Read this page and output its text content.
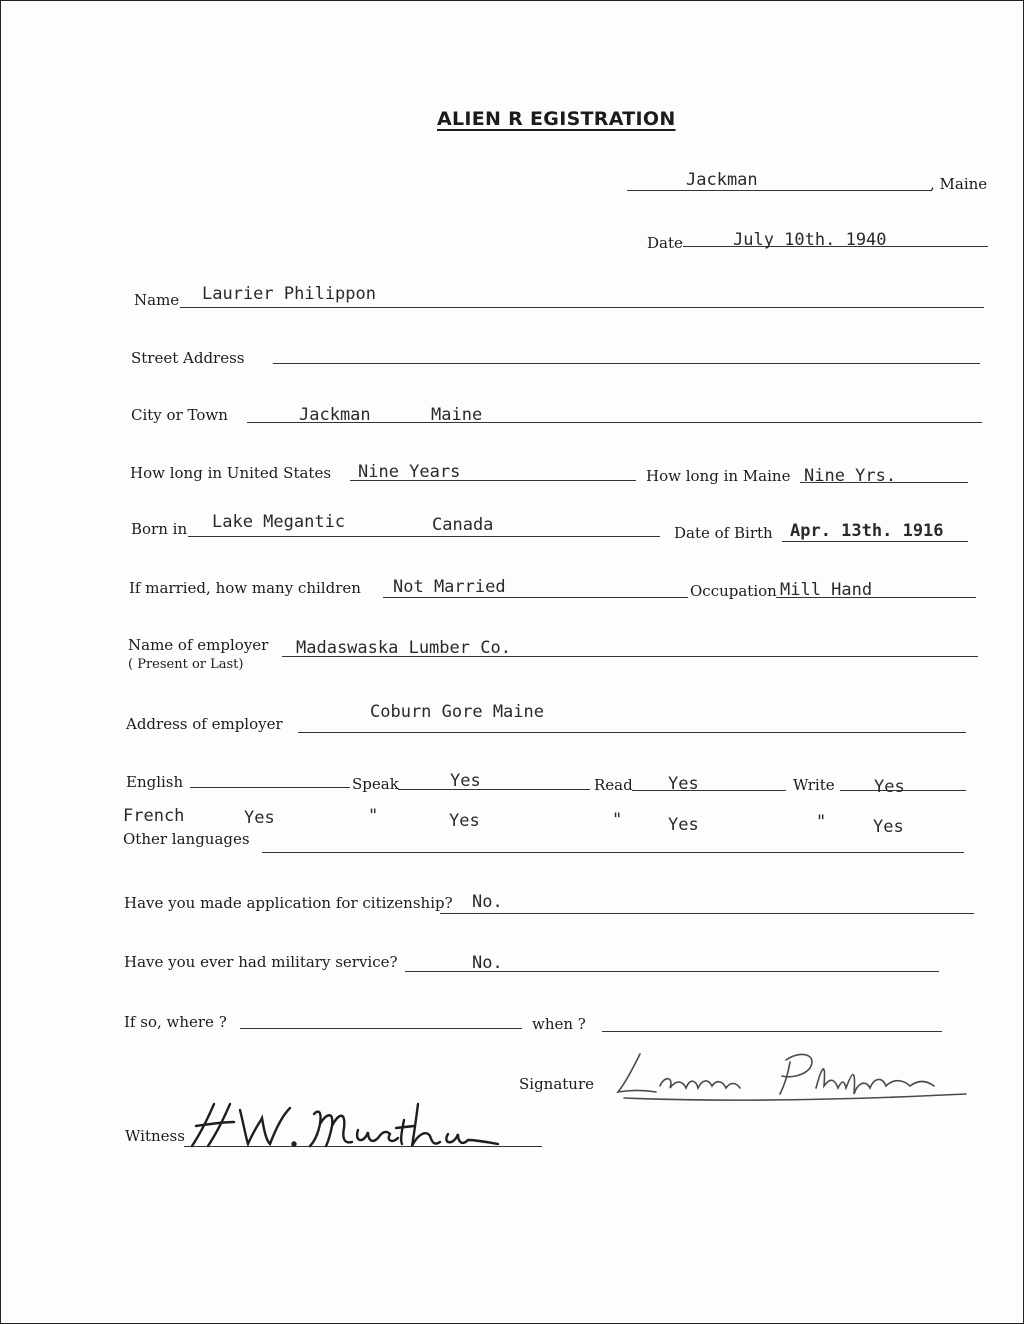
ALIEN R EGISTRATION
Jackman	, Maine
Date	July 10th. 1940
Name Laurier Philippon
Street Address
City or Town	Jackman	Maine
How long in United States Nine Years	How long in Maine Nine Yrs.
Born in Lake Megantic	Canada	Date of Birth Apr. 13th. 1916
If married, how many children Not Married	Occupation Mill Hand
Name of employer
( Present or Last)
Madaswaska Lumber Co.
Address of employer
Coburn Gore Maine
English	Speak	Yes	Read Yes	Write Yes
French	Yes	"	Yes	"	Yes	"	Yes
Other languages
Have you made application for citizenship? No.
Have you ever had military service?	No.
If so, where ?	when ?
Signature
Witness
